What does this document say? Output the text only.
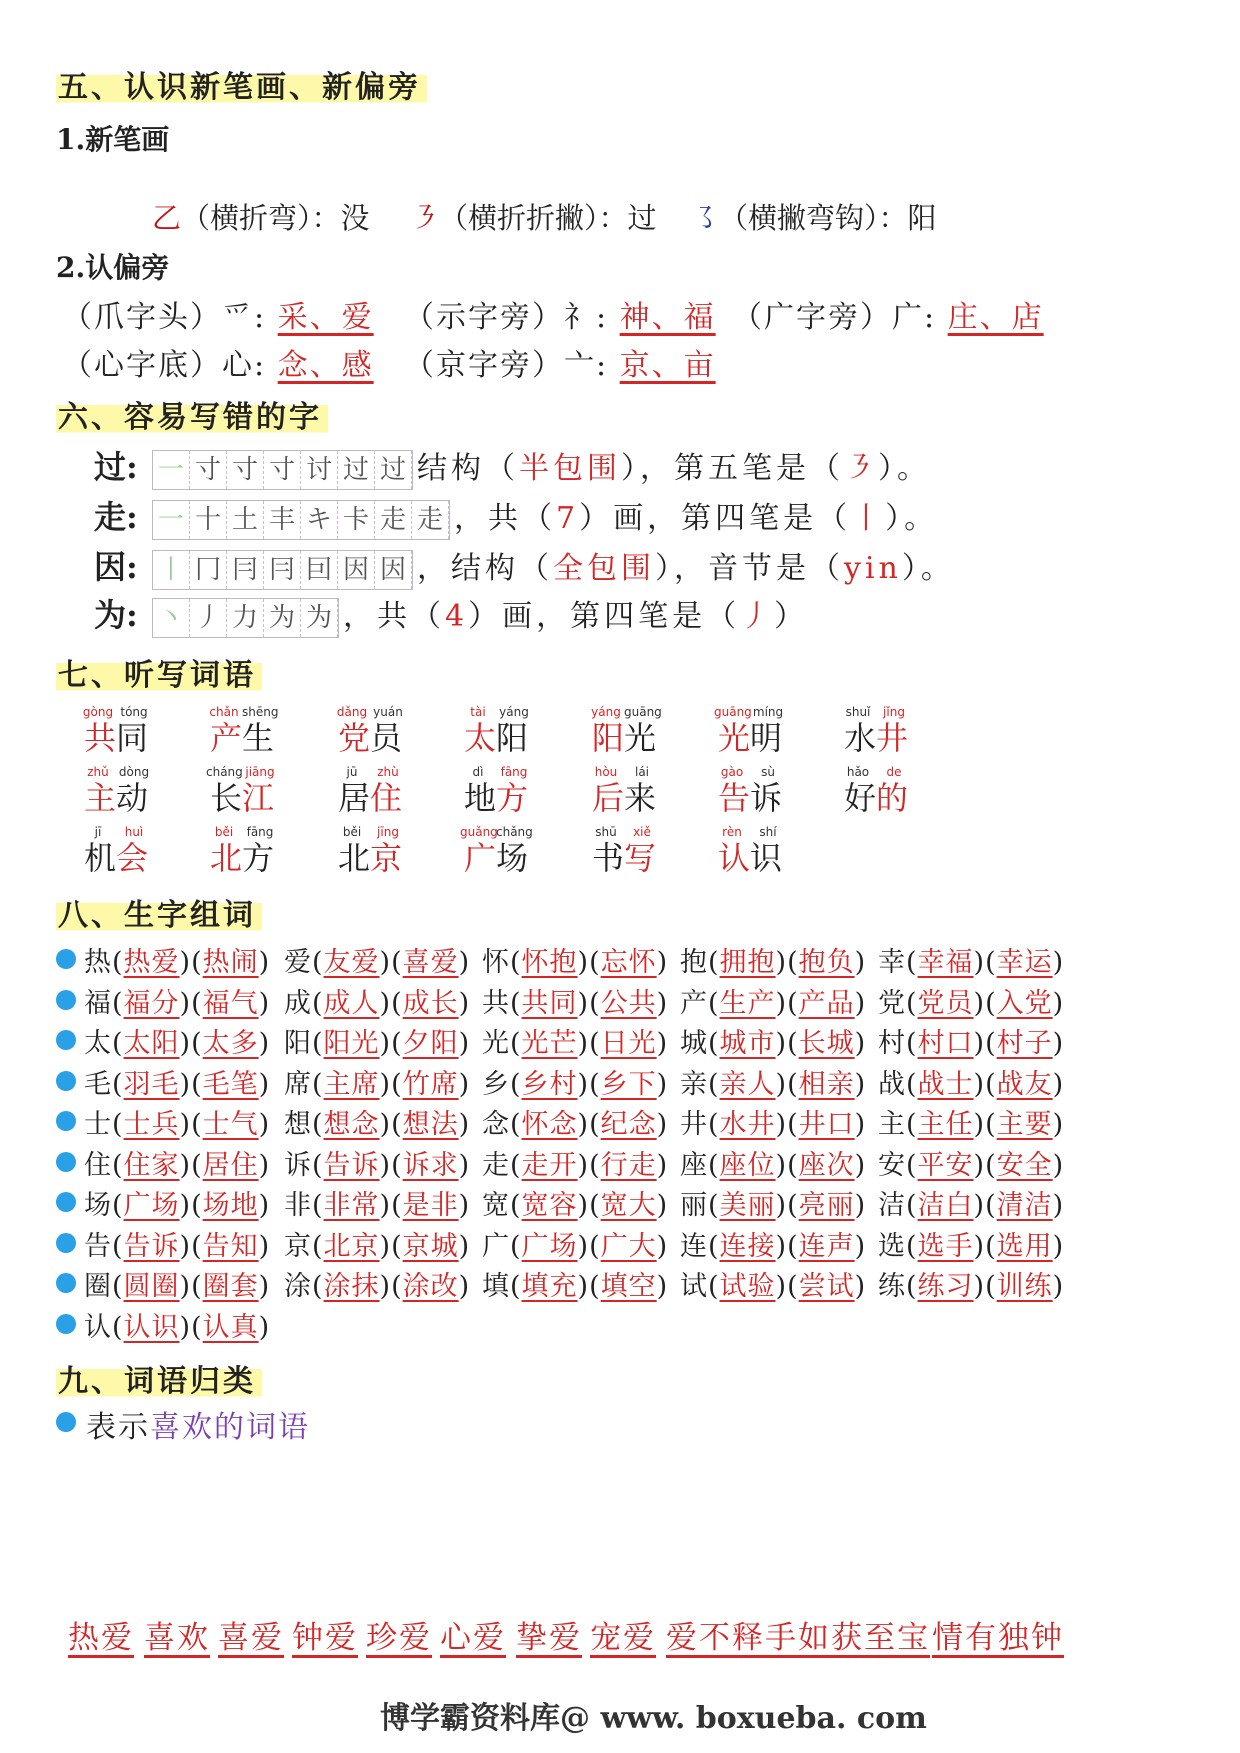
五、认识新笔画、新偏旁
1.新笔画
乙（横折弯）：没 ㇋（横折折撇）：过 ㇌（横撇弯钩）：阳
2.认偏旁
（爪字头）爫: 采、爱 （示字旁）礻: 神、福 （广字旁）广: 庄、店
（心字底）心: 念、感 （京字旁）亠: 京、亩
六、容易写错的字
过: 一 寸 寸 寸 讨 过 过 结构（半包围），第五笔是（㇋）。
走: 一 十 土 丰 キ 卡 走 走 ，共（7）画，第四笔是（丨）。
因: 丨 冂 冃 冃 囙 因 因 ，结构（全包围），音节是（yin）。
为: 丶 丿 力 为 为 ，共（4）画，第四笔是（丿）
七、听写词语
gòng tóng
共同
chǎn shēng
产生
dǎng yuán
党员
tài yáng
太阳
yáng guāng
阳光
guāngmíng
光明
shuǐ jǐng
水井
zhǔ dòng
主动
cháng jiāng
长江
jū zhù
居住
dì fāng
地方
hòu lái
后来
gào sù
告诉
hǎo de
好的
jī huì
机会
běi fāng
北方
běi jīng
北京
guǎngchǎng
广场
shū xiě
书写
rèn shí
认识
八、生字组词
热(热爱)(热闹) 爱(友爱)(喜爱) 怀(怀抱)(忘怀) 抱(拥抱)(抱负) 幸(幸福)(幸运)
福(福分)(福气) 成(成人)(成长) 共(共同)(公共) 产(生产)(产品) 党(党员)(入党)
太(太阳)(太多) 阳(阳光)(夕阳) 光(光芒)(日光) 城(城市)(长城) 村(村口)(村子)
毛(羽毛)(毛笔) 席(主席)(竹席) 乡(乡村)(乡下) 亲(亲人)(相亲) 战(战士)(战友)
士(士兵)(士气) 想(想念)(想法) 念(怀念)(纪念) 井(水井)(井口) 主(主任)(主要)
住(住家)(居住) 诉(告诉)(诉求) 走(走开)(行走) 座(座位)(座次) 安(平安)(安全)
场(广场)(场地) 非(非常)(是非) 宽(宽容)(宽大) 丽(美丽)(亮丽) 洁(洁白)(清洁)
告(告诉)(告知) 京(北京)(京城) 广(广场)(广大) 连(连接)(连声) 选(选手)(选用)
圈(圆圈)(圈套) 涂(涂抹)(涂改) 填(填充)(填空) 试(试验)(尝试) 练(练习)(训练)
认(认识)(认真)
九、词语归类
表示喜欢的词语
热爱 喜欢 喜爱 钟爱 珍爱 心爱 挚爱 宠爱 爱不释手 如获至宝 情有独钟
博学霸资料库@ www. boxueba. com
